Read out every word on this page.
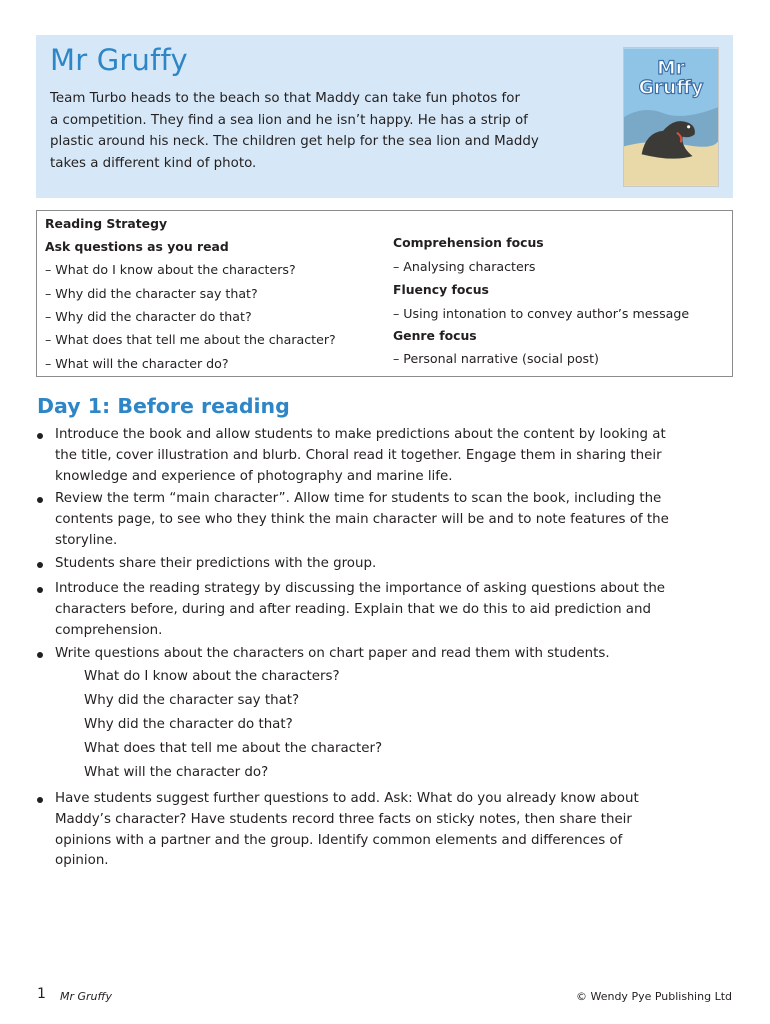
Mr Gruffy
Team Turbo heads to the beach so that Maddy can take fun photos for
a competition. They find a sea lion and he isn’t happy. He has a strip of
plastic around his neck. The children get help for the sea lion and Maddy
takes a different kind of photo.
Mr
Gruffy
Reading Strategy
Ask questions as you read
– What do I know about the characters?
– Why did the character say that?
– Why did the character do that?
– What does that tell me about the character?
– What will the character do?
Comprehension focus
– Analysing characters
Fluency focus
– Using intonation to convey author’s message
Genre focus
– Personal narrative (social post)
Day 1: Before reading
Introduce the book and allow students to make predictions about the content by looking at
the title, cover illustration and blurb. Choral read it together. Engage them in sharing their
knowledge and experience of photography and marine life.
Review the term “main character”. Allow time for students to scan the book, including the
contents page, to see who they think the main character will be and to note features of the
storyline.
Students share their predictions with the group.
Introduce the reading strategy by discussing the importance of asking questions about the
characters before, during and after reading. Explain that we do this to aid prediction and
comprehension.
Write questions about the characters on chart paper and read them with students.
Have students suggest further questions to add. Ask: What do you already know about
Maddy’s character? Have students record three facts on sticky notes, then share their
opinions with a partner and the group. Identify common elements and differences of
opinion.
What do I know about the characters?
Why did the character say that?
Why did the character do that?
What does that tell me about the character?
What will the character do?
1 Mr Gruffy	© Wendy Pye Publishing Ltd
